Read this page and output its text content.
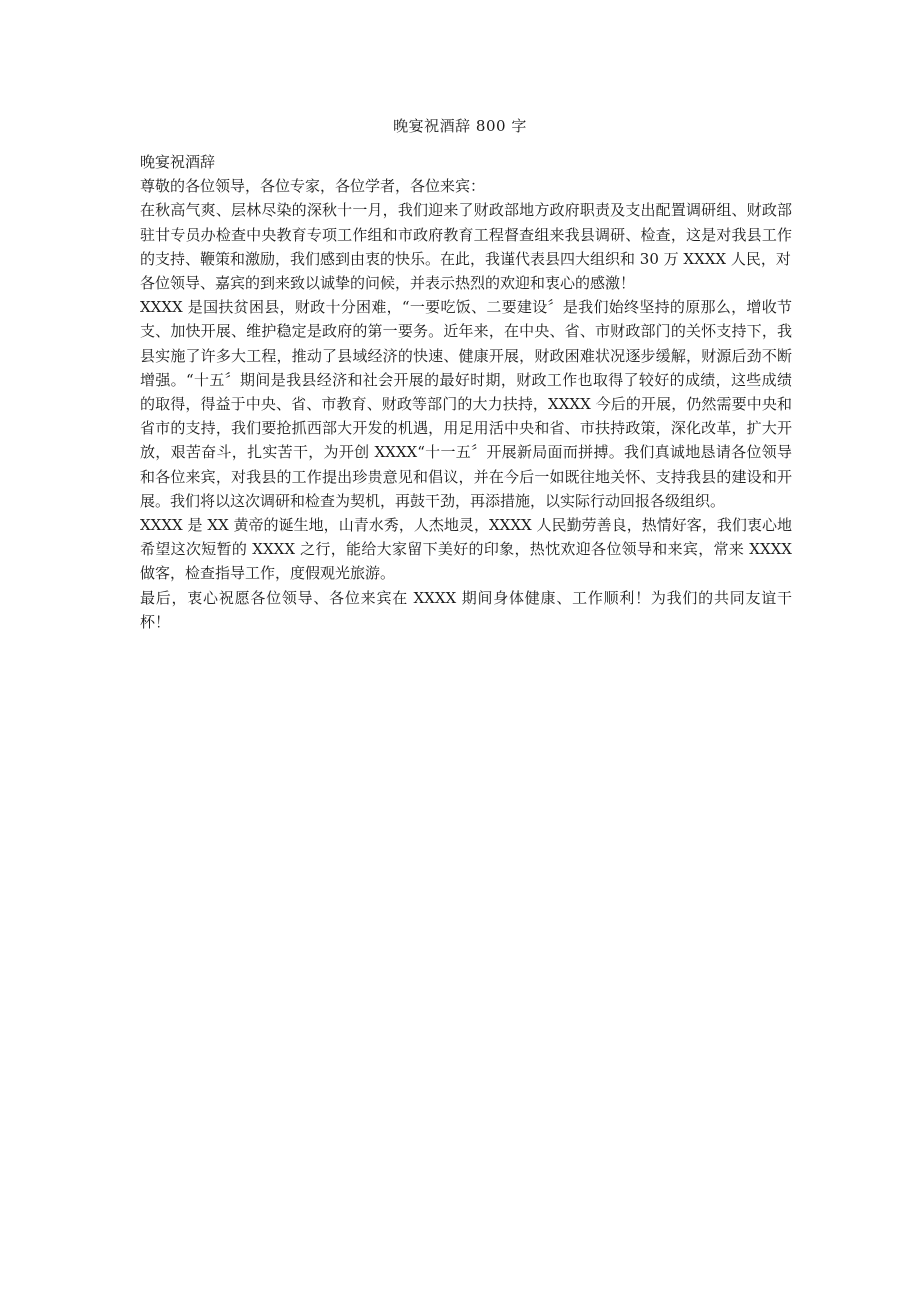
晚宴祝酒辞 800 字

晚宴祝酒辞

尊敬的各位领导，各位专家，各位学者，各位来宾：

在秋高气爽、层林尽染的深秋十一月，我们迎来了财政部地方政府职责及支出配置调研组、财政部驻甘专员办检查中央教育专项工作组和市政府教育工程督查组来我县调研、检查，这是对我县工作的支持、鞭策和激励，我们感到由衷的快乐。在此，我谨代表县四大组织和 30 万 XXXX 人民，对

各位领导、嘉宾的到来致以诚挚的问候，并表示热烈的欢迎和衷心的感激！

XXXX 是国扶贫困县，财政十分困难，“一要吃饭、二要建设〞是我们始终坚持的原那么，增收节支、加快开展、维护稳定是政府的第一要务。近年来，在中央、省、市财政部门的关怀支持下，我县实施了许多大工程，推动了县域经济的快速、健康开展，财政困难状况逐步缓解，财源后劲不断增强。“十五〞期间是我县经济和社会开展的最好时期，财政工作也取得了较好的成绩，这些成绩的取得，得益于中央、省、市教育、财政等部门的大力扶持，XXXX 今后的开展，仍然需要中央和省市的支持，我们要抢抓西部大开发的机遇，用足用活中央和省、市扶持政策，深化改革，扩大开放，艰苦奋斗，扎实苦干，为开创 XXXX“十一五〞开展新局面而拼搏。我们真诚地恳请各位领导和各位来宾，对我县的工作提出珍贵意见和倡议，并在今后一如既往地关怀、支持我县的建设和开展。我们将以这次调研和检查为契机，再鼓干劲，再添措施，以实际行动回报各级组织。

XXXX 是 XX 黄帝的诞生地，山青水秀，人杰地灵，XXXX 人民勤劳善良，热情好客，我们衷心地希望这次短暂的 XXXX 之行，能给大家留下美好的印象，热忱欢迎各位领导和来宾，常来 XXXX 做客，检查指导工作，度假观光旅游。

最后，衷心祝愿各位领导、各位来宾在 XXXX 期间身体健康、工作顺利！为我们的共同友谊干杯！
